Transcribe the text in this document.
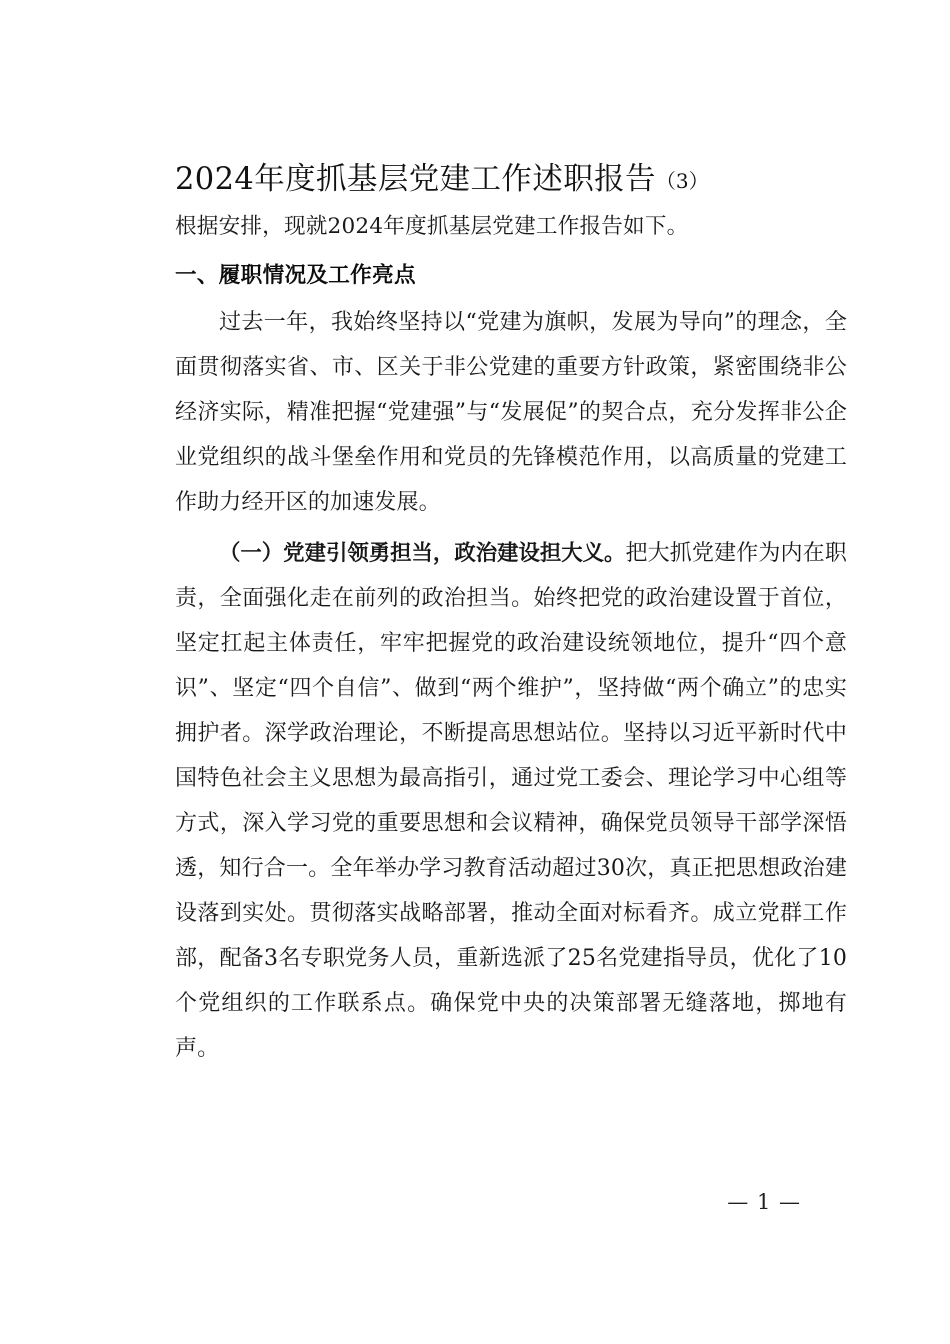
2024年度抓基层党建工作述职报告（3）

根据安排，现就2024年度抓基层党建工作报告如下。

一、履职情况及工作亮点

过去一年，我始终坚持以“党建为旗帜，发展为导向”的理念，全面贯彻落实省、市、区关于非公党建的重要方针政策，紧密围绕非公经济实际，精准把握“党建强”与“发展促”的契合点，充分发挥非公企业党组织的战斗堡垒作用和党员的先锋模范作用，以高质量的党建工作助力经开区的加速发展。

（一）党建引领勇担当，政治建设担大义。把大抓党建作为内在职责，全面强化走在前列的政治担当。始终把党的政治建设置于首位，坚定扛起主体责任，牢牢把握党的政治建设统领地位，提升“四个意识”、坚定“四个自信”、做到“两个维护”，坚持做“两个确立”的忠实拥护者。深学政治理论，不断提高思想站位。坚持以习近平新时代中国特色社会主义思想为最高指引，通过党工委会、理论学习中心组等方式，深入学习党的重要思想和会议精神，确保党员领导干部学深悟透，知行合一。全年举办学习教育活动超过30次，真正把思想政治建设落到实处。贯彻落实战略部署，推动全面对标看齐。成立党群工作部，配备3名专职党务人员，重新选派了25名党建指导员，优化了10个党组织的工作联系点。确保党中央的决策部署无缝落地，掷地有声。

— 1 —
